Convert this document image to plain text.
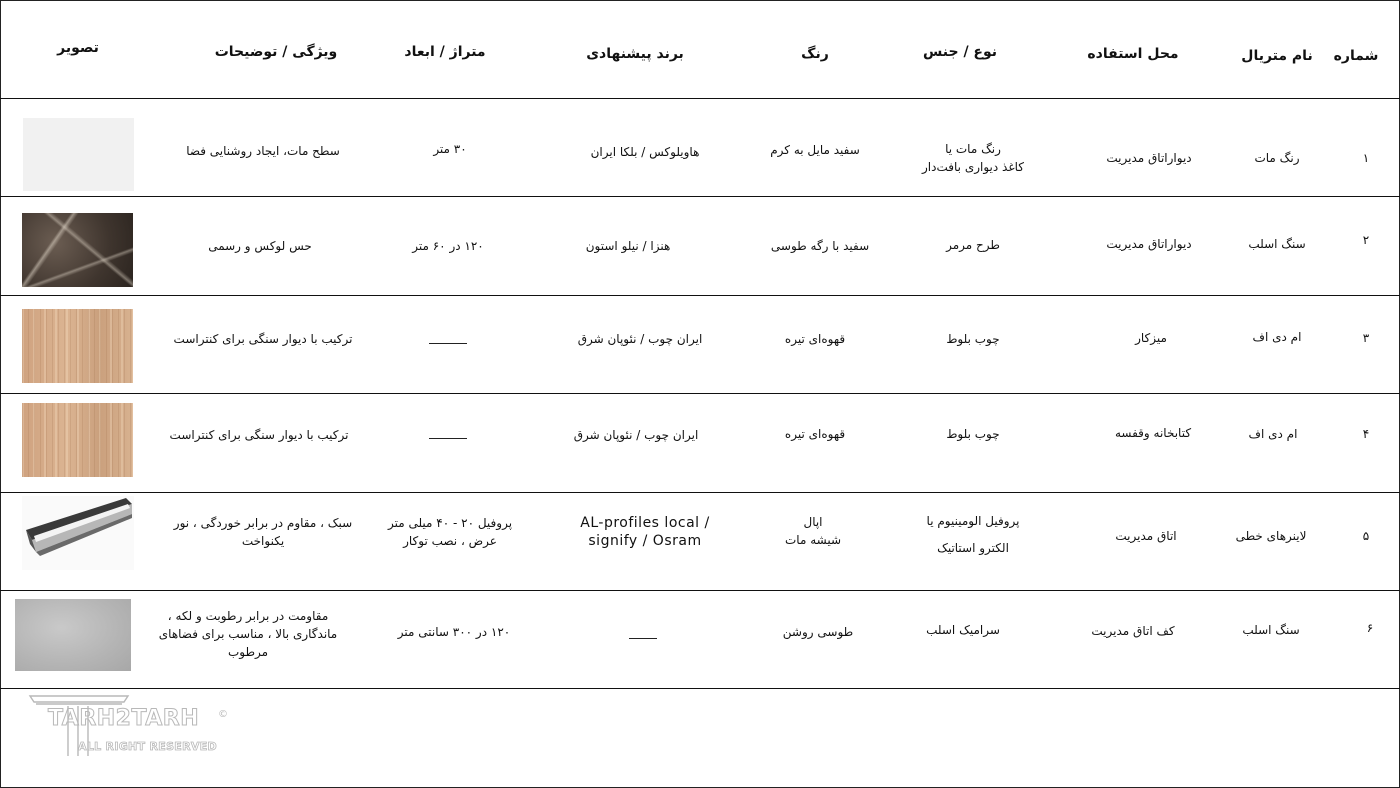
شماره
نام متریال
محل استفاده
نوع / جنس
رنگ
برند پیشنهادی
متراژ / ابعاد
ویژگی / توضیحات
تصویر
۱
رنگ مات
دیواراتاق مدیریت
رنگ مات یا
کاغذ دیواری بافت‌دار
سفید مایل به کرم
هاویلوکس / بلکا ایران
۳۰ متر
سطح مات، ایجاد روشنایی فضا
۲
سنگ اسلب
دیواراتاق مدیریت
طرح مرمر
سفید با رگه طوسی
هنزا / نیلو استون
۱۲۰ در ۶۰ متر
حس لوکس و رسمی
۳
ام دی اف
میزکار
چوب بلوط
قهوه‌ای تیره
ایران چوب / نئوپان شرق
ترکیب با دیوار سنگی برای کنتراست
۴
ام دی اف
کتابخانه وقفسه
چوب بلوط
قهوه‌ای تیره
ایران چوب / نئوپان شرق
ترکیب با دیوار سنگی برای کنتراست
۵
لاینرهای خطی
اتاق مدیریت
پروفیل الومینیوم یا
الکترو استاتیک
اپال
شیشه مات
AL-profiles local /
signify / Osram
پروفیل ۲۰ - ۴۰ میلی متر
عرض ، نصب توکار
سبک ، مقاوم در برابر خوردگی ، نور
یکنواخت
۶
سنگ اسلب
کف اتاق مدیریت
سرامیک اسلب
طوسی روشن
۱۲۰ در ۳۰۰ سانتی متر
مقاومت در برابر رطوبت و لکه ،
ماندگاری بالا ، مناسب برای فضاهای
مرطوب
TARH2TARH
ALL RIGHT RESERVED
©
